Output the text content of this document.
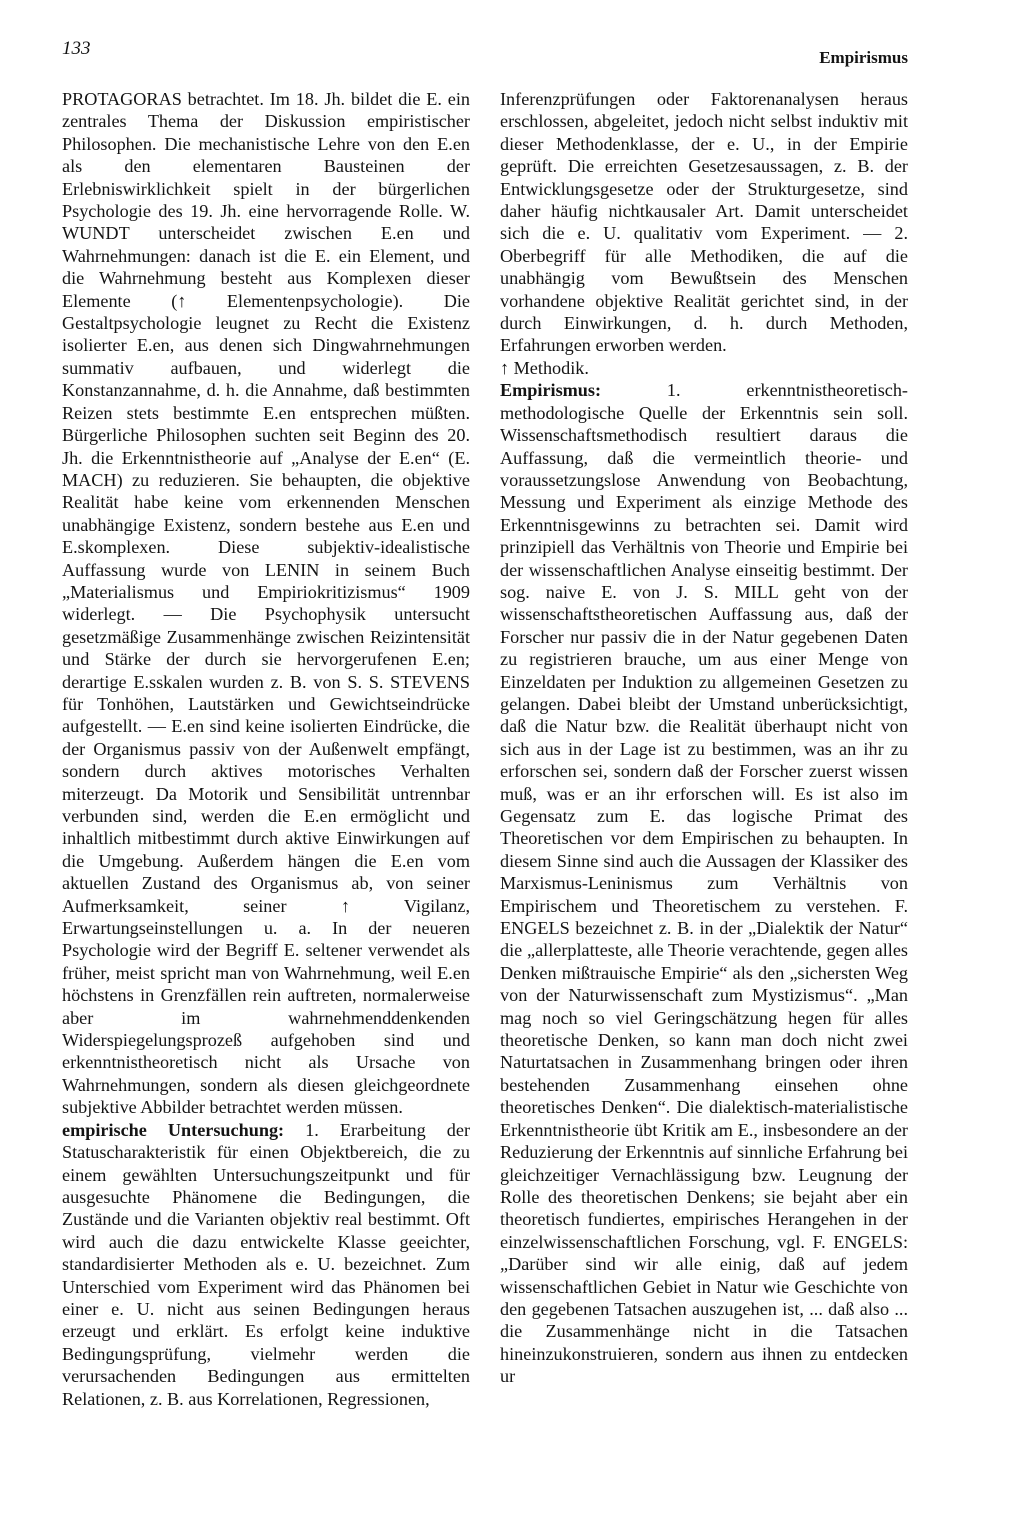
133	Empirismus

PROTAGORAS betrachtet. Im 18. Jh. bildet die E. ein zentrales Thema der Diskussion empiristischer Philosophen. Die mechanistische Lehre von den E.en als den elementaren Bausteinen der Erlebniswirklichkeit spielt in der bürgerlichen Psychologie des 19. Jh. eine hervorragende Rolle. W. WUNDT unterscheidet zwischen E.en und Wahrnehmungen: danach ist die E. ein Element, und die Wahrnehmung besteht aus Komplexen dieser Elemente (↑ Elementenpsychologie). Die Gestaltpsychologie leugnet zu Recht die Existenz isolierter E.en, aus denen sich Dingwahrnehmungen summativ aufbauen, und widerlegt die Konstanzannahme, d. h. die Annahme, daß bestimmten Reizen stets bestimmte E.en entsprechen müßten. Bürgerliche Philosophen suchten seit Beginn des 20. Jh. die Erkenntnistheorie auf „Analyse der E.en“ (E. MACH) zu reduzieren. Sie behaupten, die objektive Realität habe keine vom erkennenden Menschen unabhängige Existenz, sondern bestehe aus E.en und E.skomplexen. Diese subjektiv-idealistische Auffassung wurde von LENIN in seinem Buch „Materialismus und Empiriokritizismus“ 1909 widerlegt. — Die Psychophysik untersucht gesetzmäßige Zusammenhänge zwischen Reizintensität und Stärke der durch sie hervorgerufenen E.en; derartige E.sskalen wurden z. B. von S. S. STEVENS für Tonhöhen, Lautstärken und Gewichtseindrücke aufgestellt. — E.en sind keine isolierten Eindrücke, die der Organismus passiv von der Außenwelt empfängt, sondern durch aktives motorisches Verhalten miterzeugt. Da Motorik und Sensibilität untrennbar verbunden sind, werden die E.en ermöglicht und inhaltlich mitbestimmt durch aktive Einwirkungen auf die Umgebung. Außerdem hängen die E.en vom aktuellen Zustand des Organismus ab, von seiner Aufmerksamkeit, seiner ↑ Vigilanz, Erwartungseinstellungen u. a. In der neueren Psychologie wird der Begriff E. seltener verwendet als früher, meist spricht man von Wahrnehmung, weil E.en höchstens in Grenzfällen rein auftreten, normalerweise aber im wahrnehmenddenkenden Widerspiegelungsprozeß aufgehoben sind und erkenntnistheoretisch nicht als Ursache von Wahrnehmungen, sondern als diesen gleichgeordnete subjektive Abbilder betrachtet werden müssen.

empirische Untersuchung: 1. Erarbeitung der Statuscharakteristik für einen Objektbereich, die zu einem gewählten Untersuchungszeitpunkt und für ausgesuchte Phänomene die Bedingungen, die Zustände und die Varianten objektiv real bestimmt. Oft wird auch die dazu entwickelte Klasse geeichter, standardisierter Methoden als e. U. bezeichnet. Zum Unterschied vom Experiment wird das Phänomen bei einer e. U. nicht aus seinen Bedingungen heraus erzeugt und erklärt. Es erfolgt keine induktive Bedingungsprüfung, vielmehr werden die verursachenden Bedingungen aus ermittelten Relationen, z. B. aus Korrelationen, Regressionen,

Inferenzprüfungen oder Faktorenanalysen heraus erschlossen, abgeleitet, jedoch nicht selbst induktiv mit dieser Methodenklasse, der e. U., in der Empirie geprüft. Die erreichten Gesetzesaussagen, z. B. der Entwicklungsgesetze oder der Strukturgesetze, sind daher häufig nichtkausaler Art. Damit unterscheidet sich die e. U. qualitativ vom Experiment. — 2. Oberbegriff für alle Methodiken, die auf die unabhängig vom Bewußtsein des Menschen vorhandene objektive Realität gerichtet sind, in der durch Einwirkungen, d. h. durch Methoden, Erfahrungen erworben werden.

↑ Methodik.

Empirismus:	1. erkenntnistheoretisch-methodologische Quelle der Erkenntnis sein soll. Wissenschaftsmethodisch resultiert daraus die Auffassung, daß die vermeintlich theorie- und voraussetzungslose Anwendung von Beobachtung, Messung und Experiment als einzige Methode des Erkenntnisgewinns zu betrachten sei. Damit wird prinzipiell das Verhältnis von Theorie und Empirie bei der wissenschaftlichen Analyse einseitig bestimmt. Der sog. naive E. von J. S. MILL geht von der wissenschaftstheoretischen Auffassung aus, daß der Forscher nur passiv die in der Natur gegebenen Daten zu registrieren brauche, um aus einer Menge von Einzeldaten per Induktion zu allgemeinen Gesetzen zu gelangen. Dabei bleibt der Umstand unberücksichtigt, daß die Natur bzw. die Realität überhaupt nicht von sich aus in der Lage ist zu bestimmen, was an ihr zu erforschen sei, sondern daß der Forscher zuerst wissen muß, was er an ihr erforschen will. Es ist also im Gegensatz zum E. das logische Primat des Theoretischen vor dem Empirischen zu behaupten. In diesem Sinne sind auch die Aussagen der Klassiker des Marxismus-Leninismus zum Verhältnis von Empirischem und Theoretischem zu verstehen. F. ENGELS bezeichnet z. B. in der „Dialektik der Natur“ die „allerplatteste, alle Theorie verachtende, gegen alles Denken mißtrauische Empirie“ als den „sichersten Weg von der Naturwissenschaft zum Mystizismus“. „Man mag noch so viel Geringschätzung hegen für alles theoretische Denken, so kann man doch nicht zwei Naturtatsachen in Zusammenhang bringen oder ihren bestehenden Zusammenhang einsehen ohne theoretisches Denken“. Die dialektisch-materialistische Erkenntnistheorie übt Kritik am E., insbesondere an der Reduzierung der Erkenntnis auf sinnliche Erfahrung bei gleichzeitiger Vernachlässigung bzw. Leugnung der Rolle des theoretischen Denkens; sie bejaht aber ein theoretisch fundiertes, empirisches Herangehen in der einzelwissenschaftlichen Forschung, vgl. F. ENGELS: „Darüber sind wir alle einig, daß auf jedem wissenschaftlichen Gebiet in Natur wie Geschichte von den gegebenen Tatsachen auszugehen ist, ... daß also ... die Zusammenhänge nicht in die Tatsachen hineinzukonstruieren, sondern aus ihnen zu entdecken ur
